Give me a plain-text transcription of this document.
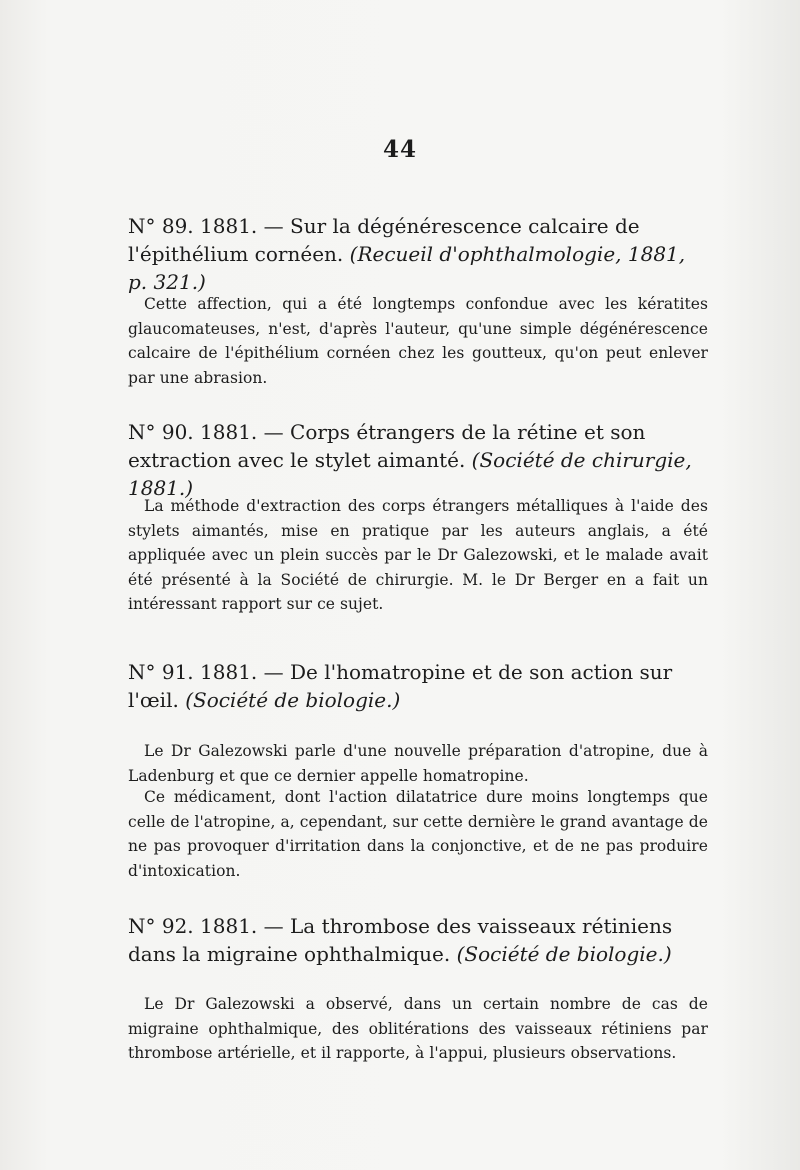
44

N° 89. 1881. — Sur la dégénérescence calcaire de l'épithélium cornéen. (Recueil d'ophthalmologie, 1881, p. 321.)

Cette affection, qui a été longtemps confondue avec les kératites glaucomateuses, n'est, d'après l'auteur, qu'une simple dégénérescence calcaire de l'épithélium cornéen chez les goutteux, qu'on peut enlever par une abrasion.

N° 90. 1881. — Corps étrangers de la rétine et son extraction avec le stylet aimanté. (Société de chirurgie, 1881.)

La méthode d'extraction des corps étrangers métalliques à l'aide des stylets aimantés, mise en pratique par les auteurs anglais, a été appliquée avec un plein succès par le Dr Galezowski, et le malade avait été présenté à la Société de chirurgie. M. le Dr Berger en a fait un intéressant rapport sur ce sujet.

N° 91. 1881. — De l'homatropine et de son action sur l'œil. (Société de biologie.)

Le Dr Galezowski parle d'une nouvelle préparation d'atropine, due à Ladenburg et que ce dernier appelle homatropine.

Ce médicament, dont l'action dilatatrice dure moins longtemps que celle de l'atropine, a, cependant, sur cette dernière le grand avantage de ne pas provoquer d'irritation dans la conjonctive, et de ne pas produire d'intoxication.

N° 92. 1881. — La thrombose des vaisseaux rétiniens dans la migraine ophthalmique. (Société de biologie.)

Le Dr Galezowski a observé, dans un certain nombre de cas de migraine ophthalmique, des oblitérations des vaisseaux rétiniens par thrombose artérielle, et il rapporte, à l'appui, plusieurs observations.
